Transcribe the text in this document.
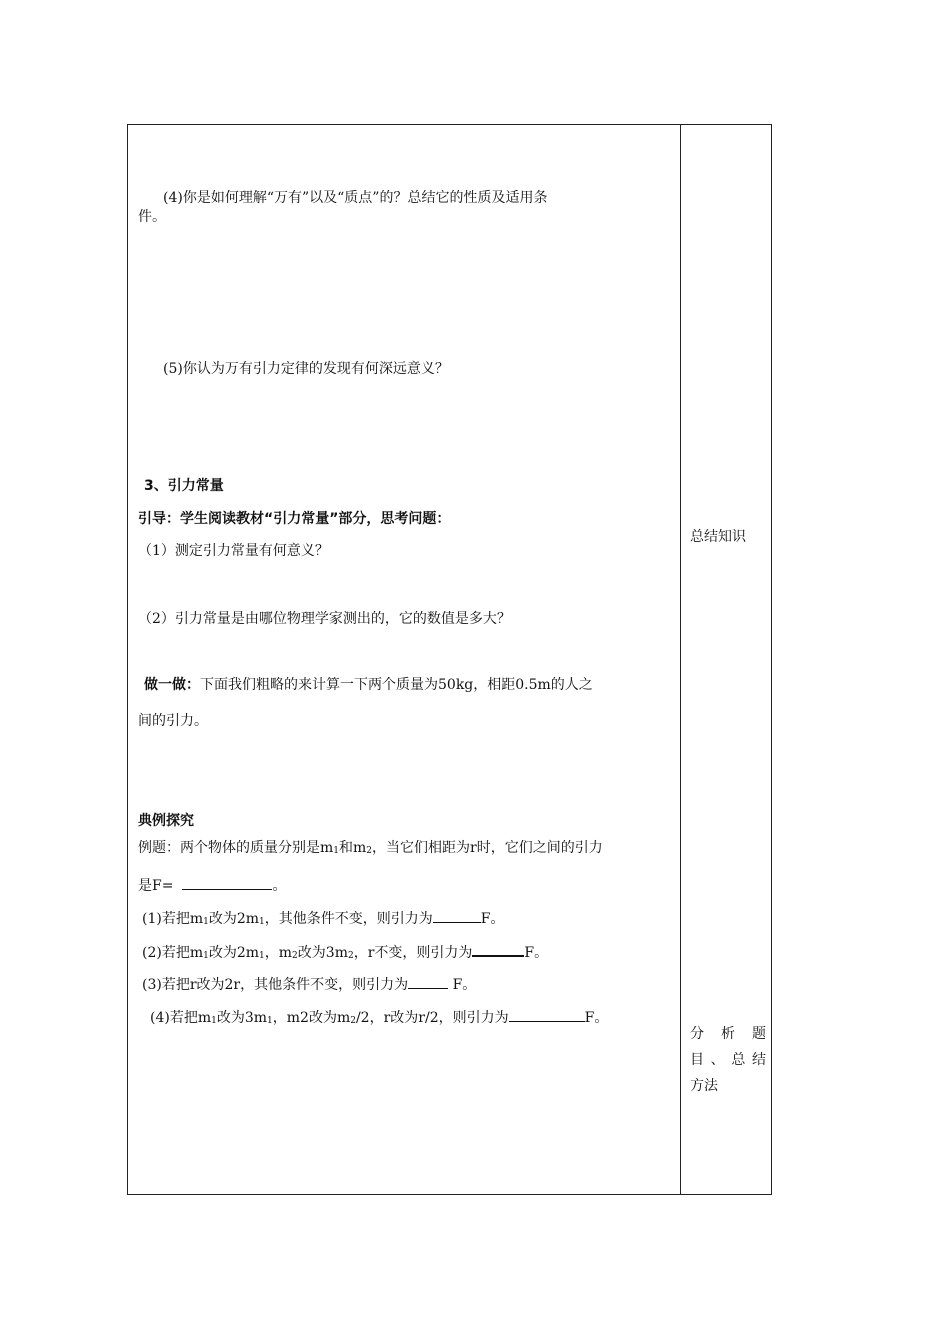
(4)你是如何理解“万有”以及“质点”的？总结它的性质及适用条
件。
(5)你认为万有引力定律的发现有何深远意义？
3、引力常量
引导：学生阅读教材“引力常量”部分，思考问题：
（1）测定引力常量有何意义？
（2）引力常量是由哪位物理学家测出的，它的数值是多大？
做一做：下面我们粗略的来计算一下两个质量为50kg，相距0.5m的人之
间的引力。
典例探究
例题：两个物体的质量分别是$m_1$和$m_2$，当它们相距为r时，它们之间的引力
是F=	。
(1)若把$m_1$改为$2m_1$，其他条件不变，则引力为	F。
(2)若把$m_1$改为$2m_1$，$m_2$改为$3m_2$，r不变，则引力为	F。
(3)若把r改为2r，其他条件不变，则引力为	F。
(4)若把$m_1$改为$3m_1$，m2改为$m_2/2$，r改为r/2，则引力为	F。
总结知识
分析题
目、总结
方法
